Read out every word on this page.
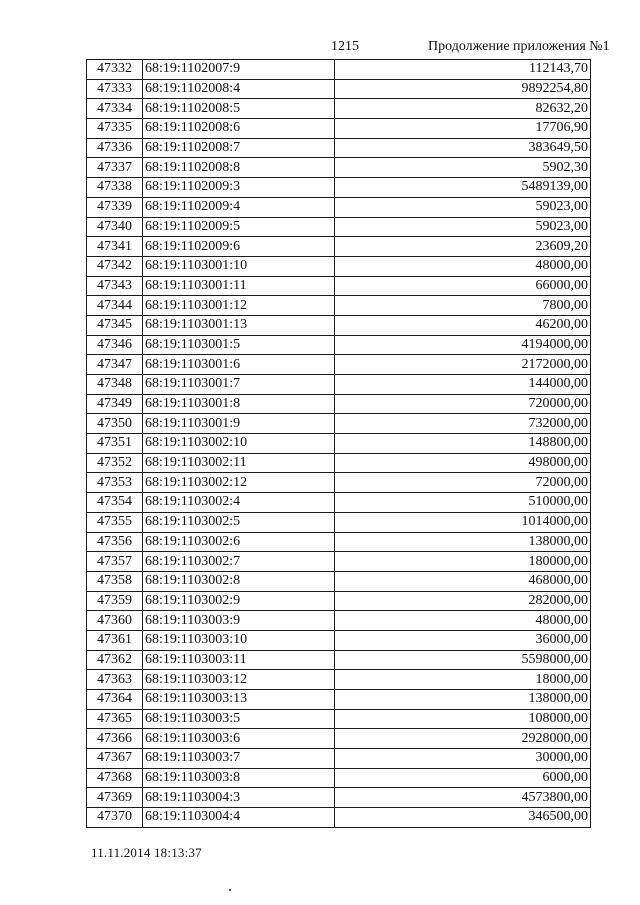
1215	Продолжение приложения №1
47332	68:19:1102007:9	112143,70
47333	68:19:1102008:4	9892254,80
47334	68:19:1102008:5	82632,20
47335	68:19:1102008:6	17706,90
47336	68:19:1102008:7	383649,50
47337	68:19:1102008:8	5902,30
47338	68:19:1102009:3	5489139,00
47339	68:19:1102009:4	59023,00
47340	68:19:1102009:5	59023,00
47341	68:19:1102009:6	23609,20
47342	68:19:1103001:10	48000,00
47343	68:19:1103001:11	66000,00
47344	68:19:1103001:12	7800,00
47345	68:19:1103001:13	46200,00
47346	68:19:1103001:5	4194000,00
47347	68:19:1103001:6	2172000,00
47348	68:19:1103001:7	144000,00
47349	68:19:1103001:8	720000,00
47350	68:19:1103001:9	732000,00
47351	68:19:1103002:10	148800,00
47352	68:19:1103002:11	498000,00
47353	68:19:1103002:12	72000,00
47354	68:19:1103002:4	510000,00
47355	68:19:1103002:5	1014000,00
47356	68:19:1103002:6	138000,00
47357	68:19:1103002:7	180000,00
47358	68:19:1103002:8	468000,00
47359	68:19:1103002:9	282000,00
47360	68:19:1103003:9	48000,00
47361	68:19:1103003:10	36000,00
47362	68:19:1103003:11	5598000,00
47363	68:19:1103003:12	18000,00
47364	68:19:1103003:13	138000,00
47365	68:19:1103003:5	108000,00
47366	68:19:1103003:6	2928000,00
47367	68:19:1103003:7	30000,00
47368	68:19:1103003:8	6000,00
47369	68:19:1103004:3	4573800,00
47370	68:19:1103004:4	346500,00
11.11.2014 18:13:37
